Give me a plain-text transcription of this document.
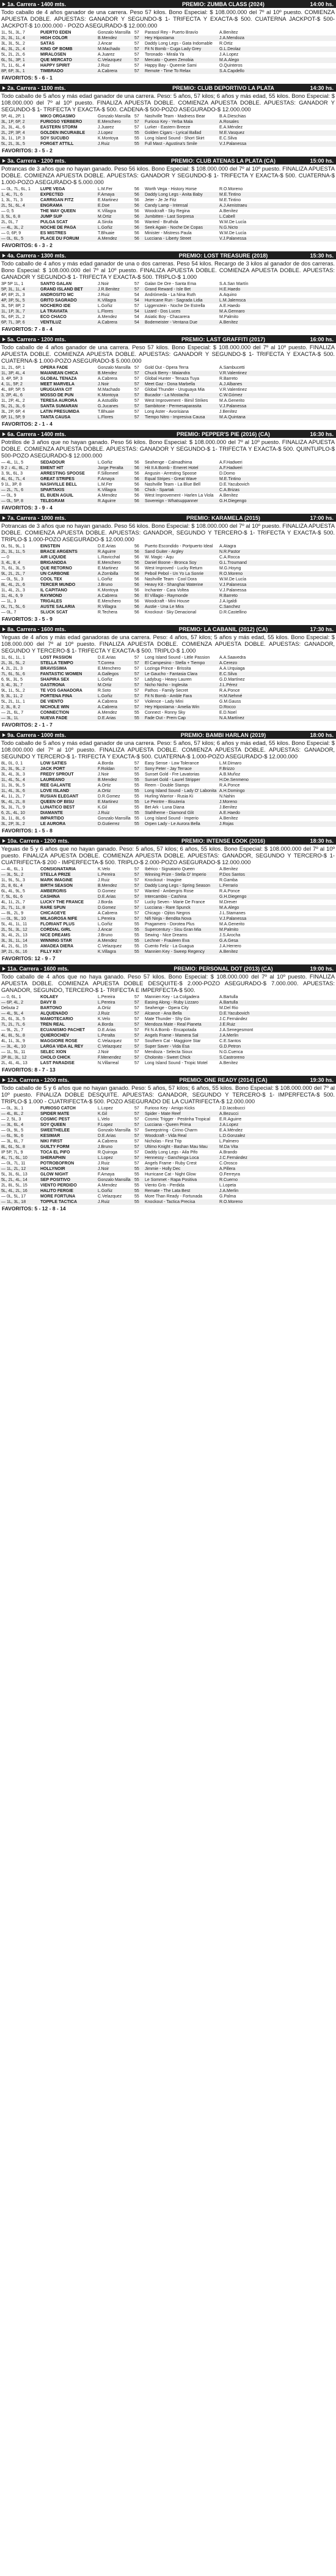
1a. Carrera - 1400 mts.	PREMIO: ZUMBA CLASS (2024)	14:00 hs.

Todo caballo de 4 años ganador de una carrera. Peso 57 kilos. Bono Especial: $ 108.000.000 del 7º al 10º puesto. COMIENZA APUESTA DOBLE. APUESTAS: GANADOR Y SEGUNDO-$ 1- TRIFECTA Y EXACTA-$ 500. CUATERNA JACKPOT-$ 500-JACKPOT-$ 10.000.000 - POZO ASEGURADO-$ 12.000.000

1L, 5L, 3L, 7	PUERTO EDEN	Gonzalo Mansilla 57	Parasol Rey - Puerto Bravío	A.Benítez
2L, 3L, 1L, 4	HIGH COLOR	B.Mendez	57	Hey Hipostama	J.A.Mendoza
3L, 3L, 5L, 2	SATÁS	J.Ancar	57	Daddy Long Legs - Gata Indomable	R.Ortiz
4L, 3L, 2L, 4	KING OF BOMB	M.Machado	57	Fit N Bomb - Cuga Lady Grey	G.L.Deolaz
5L, 2L, 2L, 6	MIRALOSEN	A.Juarez	57	Toronado - Mirala Ya	J.A.Lopez
6L, 5L, 3P, 1	QUE MERCATO	C.Velazquez	57	Mercato - Queen Zenobia	M.A.Alego
7L, 1L, 6L, 4	HAPPY SPIRIT	J.Ruiz	57	Happy Bay - Queenie Sami	O.Quinteros
8P, 6P, 3L, 1	TIMBRADO	A.Cabrera	57	Remote - Time To Relax	S.A.Capdello
FAVORITOS: 5 - 6 - 1
2a. Carrera - 1100 mts.	PREMIO: CLUB DEPORTIVO LA PLATA	14:30 hs.

Todo caballo de 5 años y más edad ganador de una carrera. Peso: 5 años, 57 kilos; 6 años y más edad, 55 kilos. Bono Especial: $ 108.000.000 del 7º al 10º puesto. FINALIZA APUESTA DOBLE. COMIENZA APUESTA DOBLE. APUESTAS: GANADOR Y SEGUNDO-$ 1- TRIFECTA Y EXACTA-$ 500. CADENA-$ 500-POZO ASEGURADO-$ 12.000.000

5P, 4L, 2P, 1	MIKO ORGASMO	Gonzalo Mansilla 57	Nashville Team - Madness Bear	B.A.Dieschias
3L, 1P, 6P, 2	FURIOSO YERBERO	E.Menchero	57	Furioso Key - Yerba Mala	A.Rosales
2L, 3L, 4L, 6	EASTERN STORM	J.Juarez	57	Lurker - Eastern Breeze	E.A.Méndez
2L, 2P, 3P, 4	GOLDEN INCURABLE	J.Lopez	55	Golden Cigars - Lyrical Ballad	M.E.Vasquez
3L, 1L, 1P, 3	SOY SUCUBO	K.Montoya	55	Long Island Sound - Short Skirt	E.C.Silva
5L, 2L, 3L, 5	FORGET ATTILL	J.Ruiz	55	Full Mast - Agustina's Smile	V.J.Palanessa
FAVORITOS: 3 - 5 - 2
3a. Carrera - 1200 mts.	PREMIO: CLUB ATENAS LA PLATA (CA)	15:00 hs.

Potrancas de 3 años que no hayan ganado. Peso 56 kilos. Bono Especial: $ 108.000.000 del 7º al 10º puesto. FINALIZA APUESTA DOBLE. COMIENZA APUESTA DOBLE. APUESTAS: GANADOR Y SEGUNDO-$ 1- TRIFECTA Y EXACTA-$ 500. CUATERNA-$ 1.000-POZO ASEGURADO-$ 5.000.000

— 0L, 7L, 6L, 1	LUPE VEGA	L.M.Fer	56	Worth Vega - History Horse	R.O.Moreno
1, 4L, 7L, 6	EXPECTED	F.Amaya	56	Daddy Long Legs - Anita Baby	M.E.Tintino
1, 3L, 7L, 3	CARRIGAN FITZ	E.Martinez	56	Jeter - Je Je Fitz	M.E.Tintino
2L, 5L, 6L, 4	ENGRAMA	E.Doe	56	Candy Lamp - Intensal	A.J.Aenistraeu
— 0, 5	THE WAY QUEEN	K.Villagra	56	Woodcraft - Sky Regina	A.Benítez
3, 5L, 6, 8	JUMP SUP	M.Ortiz	56	Jumbitten - Last Sorpresa	L.Cabell
2L, 0L, 7	PULGA SCAT	A.Sirola	56	Wanted - Bruthda	W.M.De Lucía
— 4L, 3L, 2	NOCHE DE PAGA	L.Goñiz	56	Seek Again - Noche De Copas	N.G.Nicto
— 0, 6P, 9	ES MISTRES	T.Bhuaie	56	Minister - Mistress Paula	W.M.De Lucía
— 0L, 6L, 5	PLACE DU FORUM	A.Mendez	56	Lucciana - Liberty Street	V.J.Palanessa
FAVORITOS: 6 - 3 - 2
4a. Carrera - 1300 mts.	PREMIO: LOST TREASURE (2018)	15:30 hs.

Todo caballo de 4 años y más edad ganador de una o dos carreras. Peso 54 kilos. Recargo de 3 kilos al ganador de dos carreras. Bono Especial: $ 108.000.000 del 7º al 10º puesto. FINALIZA APUESTA DOBLE. COMIENZA APUESTA DOBLE. APUESTAS: GANADOR Y SEGUNDO-$ 1- TRIFECTA Y EXACTA-$ 500. TRIPLO-$ 1.000

3P 5P 1L, 1	SANTO GALAN	J.Noir	57	Galan De Ore - Santa Ema	S.A.San Martín
5P, 3L, 1L, 4	GRAND ISLAND BET	J.R.Benitez	57	Grand Reward - Isle Bet	H.E.Haedo
4P, 8P, 2L, 3	ANDROSITO MC	J.Ruiz	54	Andrómeda - La Nina Ruth	A.Aquino
4P, 3P, 5L, 5	GRITO SAGRADO	K.Villagra	54	Hurricane Run - Sagrada Lidia	L.M.Jalemsca
3L, 5P, 8P, 2	NOCHERO IDE	L.Goñiz	57	Liggenstein - Noche De Estrella	A.E.Haedo
1L, 1P, 3L, 7	LA TRAVIATA	L.Flores	54	Lizard - Dos Luces	M.A.Gennaro
5L, 6P, 2L, 2	ECO CHACO	A.Mendez	54	Asiatic Boy - Chacarera	M.Palmito
6P, 7L, 3P, 6	VENTILUZ	A.Cabrera	54	Bodemeister - Ventana Due	A.Benítez
FAVORITOS: 7 - 8 - 4
5a. Carrera - 1200 mts.	PREMIO: LAST GRAFFITI (2017)	16:00 hs.

Todo caballo de 4 años ganador de una carrera. Peso 57 kilos. Bono Especial: $ 108.000.000 del 7º al 10º puesto. FINALIZA APUESTA DOBLE. COMIENZA APUESTA DOBLE. APUESTAS: GANADOR Y SEGUNDO-$ 1- TRIFECTA Y EXACTA-$ 500. CUATERNA-$ 1.000-POZO ASEGURADO-$ 5.000.000

1L, 2L, 6P, 1	OPERA FADE	Gonzalo Mansilla 57	Gold Out - Opera Terra	A.Sambucetti
1L, 3P, 4L, 4	MAIANEAN CHICA	B.Mendez	57	Chuck Berry - Maiandra	V.R.Valentinez
3, 4P, 5P, 3	GLOBAL TENAZA	A.Cabrera	57	Global Hunter - Tenaza Tuya	R.Barreto
4, 1L, 5P, 2	MEET MARVELA	J.Noir	57	Meet Gaz - Dona Marbella	A.J.Albanes
4L, 8P, 5P, 5	URUGUAYA CIT	M.Machado	57	Global Thunder - Uruguaya Mia	V.R.Valentinez
3, 2P, 4L, 6	MOSSO DE PUN	K.Montoya	57	Bucador - La Mostacha	C.W.Gómez
1L, 2P, 4L, 2	TERESA AURORA	A.Astudillo	57	West Improvement - Bimil Strikes	M.A.Generito
5L, 2L, 3L, 6	SANTA SUMARAN	G.Jucanes	57	Sambitone - Permesaparasita	V.J.Palanessa
3L, 2P, 6P, 4	LATIN PRESUMIDA	T.Bhuaie	57	Long Aster - Avorisiana	J.Benítez
6P, 1L, 5P, 9	TANTA CAUSA	L.Flores	57	Tiempo Nitro - Impresiva Causa	M.A.Quintana
FAVORITOS: 2 - 1 - 4
6a. Carrera - 1400 mts.	PREMIO: PEPPER'S PIE (2016) (CA)	16:30 hs.

Potrillos de 3 años que no hayan ganado. Peso 56 kilos. Bono Especial: $ 108.000.000 del 7º al 10º puesto. FINALIZA APUESTA DOBLE. COMIENZA APUESTA DOBLE. APUESTAS: GANADOR Y SEGUNDO-$ 1- TRIFECTA Y EXACTA-$ 500. QUINTUPLO-$ 500-POZO ASEGURADO-$ 12.000.000

— 4L, 1L, 5	SEDADOUR	L.Goñiz	56	Seahenge - Calmadhima	A.F.Hadweri
9 2 ↓ 4L, 8L, 2	EMENT HIT	Jorge Peralta	56	Hit It A Bomb - Emeret Hotel	A.F.Hadweri
3, 9L, 6L, 3	ARRESTING SPOOSE	F.Sillomeel	56	Angusin - Arresting Spoose	D.Domo
4L, 6L, 7L, 4	GREAT STRIPES	F.Amaya	56	Equal Stripes - Great Wave	M.E.Tintino
9 1L, 3P, 8	NASHVILLE BELL	L.M.Fer	56	Nashville Team - La Blue Bell	D.E.Yacubovich
— 2L, 7L, 6	SPARTAKIS	K.Villagra	56	Chick - Spartak	C.A.Brizas
— 0L, 9	EL BUEN AGUIL	A.Mendez	56	West Improvement - Harlen La Viola	A.Benítez
— 0L, 5P, 8	TELEGRAM	R.Aguirre	56	Sovereign - Whatsuppanner	G.H.Diegengo
FAVORITOS: 3 - 9 - 4
7a. Carrera - 1000 mts.	PREMIO: KARAMELA (2015)	17:00 hs.

Potrancas de 3 años que no hayan ganado. Peso 56 kilos. Bono Especial: $ 108.000.000 del 7º al 10º puesto. FINALIZA APUESTA DOBLE. COMIENZA APUESTA DOBLE. APUESTAS: GANADOR, SEGUNDO Y TERCERO-$ 1- TRIFECTA Y EXACTA-$ 500. TRIPLO-$ 1.000-POZO ASEGURADO-$ 12.000.000

0L, 5L, 9L, 1	EINSTEIN	D.E.Arias	56	Puerto Escondido - Portpuerto Ideal	A.Atagra
2L, 3L, 1L, 5	BRACE ARGENTS	R.Aguirre	56	Sand Guiter - Argley	N.R.Pastor
— 0	AIR LIQUIDE	L.Ravicchal	56	W. Magic - Aqu	C.A.Rocca
3, 4L, 8, 4	BRIGANDDA	E.Menchero	56	Daniel Boone - Bronca Soy	G.L.Troumand
7L, 6L, 3L, 5	QUE RETORNO	E.Martinez	56	West Improved - Lucky Return	M.G.Hoyng
9L, 2L, 2L, 7	UN CARBONE	A.Zornbilla	56	Peboil Pebol - Un Yo La Sonrie	R.O.Moreno
— 0L, 5L, 3	COOL TEX	L.Goñiz	56	Nashville Team - Cool Dora	W.M.De Lucía
8L, 4L, 2L, 6	TERCER MUNDO	J.Bruno	56	Heavy Kit - Shanghai Waterine	V.J.Palanessa
1L, 4L, 2L, 3	IL CAPITANO	K.Montoya	56	Inchanter - Cara Voltea	V.J.Palanessa
1L, 4L, 6, 9	RAYMOND	A.Cabrera	56	El Villagio - Raymonde	R.Barreto
— 1L, 3	TRIGALES	E.Menchero	56	Woodcraft - Mini House	J.A.Igaldi
0L, 7L, 5L, 6	AUSTE SALARIA	R.Villagra	56	Austie - Una Le Mira	C.Sanchez
— 0L, 7	SLUCK SCAT	R.Techera	56	Knockout - Sky Denacional	D.R.Castellino
FAVORITOS: 3 - 5 - 9
8a. Carrera - 1600 mts.	PREMIO: LA CABANIL (2012) (CA)	17:30 hs.

Yeguas de 4 años y más edad ganadoras de una carrera. Peso: 4 años, 57 kilos; 5 años y más edad, 55 kilos. Bono Especial: $ 108.000.000 del 7º al 10º puesto. FINALIZA APUESTA DOBLE. COMIENZA APUESTA DOBLE. APUESTAS: GANADOR, SEGUNDO Y TERCERO-$ 1- TRIFECTA Y EXACTA-$ 500. TRIPLO-$ 1.000

1L, 6L, 1L, 1	LOST PASSION	D.E.Arias	57	Long Island Sound - Little Passion	A.A.Saavedra
2L, 3L, 5L, 2	STELLA TEMPO	T.Correa	57	El Campesino - Stella + Tiempo	A.Cerezo
4, 2L, 2L, 3	BRAVISSIMA	E.Menchero	57	Lozinga Prince - Brissita	A.A.Urquiaga
7L, 6L, 5L, 6	FANTASTIC WOMEN	A.Gallegos	57	Le Gaucho - Fantasia Clara	E.C.Silva
6, 9L, 3L, 5	SHAPIRA SEX	L.Goñiz	57	Ladybug - Heavy Lauren	G.D.Martínez
3, 4L, 3L, 7	GASTRONA	M.Ortiz	57	Nicho Nicho - Inglesita	J.L.Pérez
9L, 1L, 5L, 2	TE VOS GANADORA	R.Soto	57	Pathos - Family Secret	R.A.Ponce
9, 3L, 1L, 2	PORTENA FINA	L.Goñiz	57	Fit N Bomb - Amble Fara	H.M.Nehmé
5L, 2L, 1L, 1	DE VIENTO	A.Cabrera	57	Violence - Lady Mini	G.M.Gauss
2, 3L, 8, 2	NICHOLE WIN	A.Cabrera	57	Hey Hipostama - Amelia Win	D.Rocco
— 2L, 6L, 7	CONNECTION	A.Mendez	55	Connect - Ronny Sky	E.D.Noel
— 3L, 1L	NUEVA FADE	D.E.Arias	55	Fade Out - Prem Cap	N.A.Martínez
FAVORITOS: 2 - 1 - 7
9a. Carrera - 1000 mts.	PREMIO: BAMBI HARLAN (2019)	18:00 hs.

Todo caballo de 5 años y más edad ganador de una carrera. Peso: 5 años, 57 kilos; 6 años y más edad, 55 kilos. Bono Especial: $ 108.000.000 del 7º al 10º puesto. FINALIZA APUESTA DOBLE. COMIENZA APUESTA DOBLE. APUESTAS: GANADOR, SEGUNDO Y TERCERO-$ 1- TRIFECTA Y EXACTA-$ 500. CUATERNA-$ 1.000-POZO ASEGURADO-$ 12.000.000

8L, 0L, 0, 1	LOW SATIES	A.Borda	57	Easy Sense - Low Tolerance	L.M.Dimaro
2L, 3L, 9L, 2	JACK PORT	F.Roldan	57	Sony Peter - Jay Terrace	F.Brizzo
3L, 4L, 3L, 3	FREDY SPROUT	J.Noir	55	Sunset Gold - Fre Lavatorias	A.B.Muñoz
1L, 4L, 5L, 4	LAUREANO	B.Mendez	55	Sunset Gold - Laurel Stripper	H.De.Senmeno
1L, 3L, 9L, 5	REE GALANTE	A.Ortiz	55	Reem - Double Stamps	R.A.Ponce
1L, 4L, 3L, 6	LOVE ISLAND	A.Ortiz	55	Long Island Sound - Lady O' Labonita A.H.Domingo
4L, 1L, 2L, 7	RUSIAN ELEGANT	D.R.Gomez	55	Hurling Warrior - Rusia Ki	N.Nahin
9L, 4L, 2L, 8	QUEEN OF BISU	E.Martinez	55	Le Peintre - Bisuteria	J.Moreno
5L, 3L, 7L, 9	LUNATICO BEST	K.Gil	55	Bet Ark - Luna Diana	J.Benítez
6, 2L, 4L, 10	DIAMANTE	J.Ruiz	55	Stahlheme - Diamond Glit	A.E.Haedo
3L, 1L, 8L, 6	IMPARTIDO	Gonzalo Mansilla 55	Long Island Sound - Imperio	A.Benítez
3L, 2P, 3L, 2	LE AURORA	D.Gutierrez	55	Orpen Lady - Le Aurora Bella	J.Rojas
FAVORITOS: 1 - 5 - 8
10a. Carrera - 1200 mts.	PREMIO: INTENSE LOOK (2016)	18:30 hs.

Yeguas de 5 y 6 años que no hayan ganado. Peso: 5 años, 57 kilos; 6 años, 55 kilos. Bono Especial: $ 108.000.000 del 7º al 10º puesto. FINALIZA APUESTA DOBLE. COMIENZA APUESTA DOBLE. APUESTAS: GANADOR, SEGUNDO Y TERCERO-$ 1- CUATRIFECTA-$ 200 - IMPERFECTA-$ 500. TRIPLO-$ 2.000-POZO ASEGURADO-$ 12.000.000

— 4L, 6L, 1	CONSIGNATARIA	K.Velo	57	Ibérico - Signatario Queen	A.Benítez
— 3L, 5L, 2	STELLA PRIZE	L.Pereira	57	Winning Prize - Stella D' Imperio	P.Dos Santos
1L, 9L, 5L, 3	MARK IMAGINE	J.Ruiz	57	Knockout - Imagine	R.Gamba
2L, 8, 6L, 4	BIRTH SEASON	B.Mendez	57	Daddy Long Legs - Spring Season	L.Ferrario
6L, 4L, 9L, 5	AMBERGRIS	D.Gomez	57	Wanted - Ambergris Rose	R.A.Ponce
7, 5L, 6L, 6	CASHINA	D.E.Arias	57	Intercambio - Cashina	G.H.Diegengo
4L, 1L, 2L, 7	LUCKY THE FRANCE	J.Borda	57	Lucky Seven - Marie De France	M.Drever
2L, 7L, 1L, 8	RARE SPUN	D.Gomez	57	Lucciana - Rare Spunck	M.A.Alego
— 8L, 2L, 9	CHICAGEYE	A.Cabrera	57	Chicago - Ojitos Negros	J.L.Stamanes
— 0L, 9L, 10	MILAGROSA NIFE	L.Pereira	57	Nifi Ninja - Bendita Nova	V.J.Palanessa
5L, 4L, 1L, 11	FLORIANT PLUS	L.Goñiz	55	Pragamero - Dorotea Plus	M.A.Generito
2L, 5L, 3L, 12	CORDIAL GIRL	J.Ancar	55	Supercentury - Sisu Gran Mia	M.Palmito
3L, 4L, 2L, 13	NICE DREAMS	J.Bruno	55	Sewing - Nice Dreams	J.S.Arocha
3L, 3L, 1L, 14	WINNING STAR	A.Mendez	55	Lechner - Frauleen Eva	G.A.Gesa
4L, 2L, 6L, 15	AMADEA DIERA	C.Velazquez	55	Cuento Feliz - La Guagua	J.A.Herrero
3P, 2L, 6L, 16	FILLY KEY	K.Villagra	55	Mannien Key - Sweep Regency	A.Benítez
FAVORITOS: 12 - 9 - 7
11a. Carrera - 1600 mts.	PREMIO: PERSONAL DOT (2013) (CA)	19:00 hs.

Todo caballo de 4 años que no haya ganado. Peso 57 kilos. Bono Especial: $ 108.000.000 del 7º al 10º puesto. FINALIZA APUESTA DOBLE. COMIENZA APUESTA DOBLE DESQUITE-$ 2.000-POZO ASEGURADO-$ 7.000.000. APUESTAS: GANADOR, SEGUNDO, TERCERO-$ 1- TRIFECTA E IMPERFECTA-$ 500.

— 0, 6L, 1	KOLAEY	L.Pereira	57	Mannien Key - La Colgadera	A.Bartulla
— 6P, 4L, 2	DAVY B	L.Pereira	57	Easing Along - Ruby Lizzaro	A.Bartulla
Debuta 2	BARTONO	A.Ortiz	57	Seahenge - Opera City	M.Del Rio
— 4L, 9L, 4	ALQUENADO	J.Ruiz	57	Alcance - Ana Bella	D.E.Yacubovich
2L, 6L, 3L, 5	MAMOTECARIO	K.Velo	57	Mate Thunder - Shy Gin	J.C.Fernández
7L, 2L, 7L, 6	TREN REAL	A.Borda	57	Mendoza Mate - Real Pianeta	J.E.Ruiz
— 9L, 2L, 7	ECUANISMO PACHET	D.E.Arias	57	Fit N A Bomb - Encapotada	J.A.Senegesmont
4L, 8L, 5L, 8	QUIEROCHEV	L.Peralta	57	Angels Frame - Mamera Sal	J.A.Merlin
4L, 1L, 3L, 9	MAGGIORE ROSE	C.Velazquez	57	Southern Cat - Maggiore Star	C.E.Santos
— 3L, 4L, 10	LARGA VIDA AL REY	C.Velazquez	57	Super Saver - Vida Esa	G.D.Petron
— 1L, 5L, 11	SELEC XION	J.Noir	57	Mendoza - Selecta Sioux	N.G.Cuenca
2P 8L, 3L, 12	CHOLO CHICK	F.Menendez	57	Cholonito - Sweet Chick	S.Castroreno
2L, 4L, 4L, 13	LAST PARADISE	N.Villarreal	57	Long Island Sound - Tropic Motel	A.Benítez
FAVORITOS: 8 - 7 - 13
12a. Carrera - 1200 mts.	PREMIO: ONE READY (2014) (CA)	19:30 hs.

Todo caballo de 5 y 6 años que no hayan ganado. Peso: 5 años, 57 kilos; 6 años, 55 kilos. Bono Especial: $ 108.000.000 del 7º al 10º puesto. FINALIZA DOBLE DESQUITE. APUESTAS: GANADOR, SEGUNDO Y TERCERO-$ 1- IMPERFECTA-$ 500. TRIPLO-$ 1.000 - CUATRIFECTA-$ 500. POZO ASEGURADO DE LA CUATRIFECTA-$ 12.000.000

— 0L, 3L, 1	FURIOSO CATCH	L.Lopez	57	Furioso Key - Amigo Kicks	J.D.Iacobucci
— 4L, 8L, 2	SPIDER MATE	K.Gil	57	Spider - Mate Reef	A.Bezucci
— 2, 5L, 3	COSMIC PEST	L.Velo	57	Cosmic Trigger - Pestinha Tropical	E.R.Aguirre
— 3L, 6L, 4	SOY QUEEN	F.Lopez	57	Lucciana - Queen Prima	J.A.Lopez
— 0L, 9L, 5	SWEETHELEE	Gonzalo Mansilla 57	Sweepstring - Cirino Charm	E.A.Méndez
— 6L, 9L, 6	KESIMAR	D.E.Arias	57	Woodcraft - Vida Real	L.D.Gonzalez
— 3L, 6L, 7	NIKI FIRST	A.Cabrera	57	Nicholas - First Trip	L.Palmero
8L, 6L, 5L, 8	GUILTY FORM	J.Bruno	57	Ultimo Knight - Bashan Mau Mau	M.Da Vita
IP 5P, 7L, 9	TOCA EL PIFO	R.Quiroga	57	Daddy Long Legs - Aila Pifo	A.Brando
4L, 7L, 6L, 10	SHERAPHIN	L.Lopez	57	Hennessy - Ganchinga Loca	J.C.Fernández
— 0L, 7L, 11	POTROBOFRON	J.Ruiz	57	Angels Frame - Ruby Crest	C.Orosco
— 1L, 2L, 12	HOLLYNOIR	J.Noir	55	Jimmie - Holly Dec	A.Pillera
5L, 3L, 6L, 13	GLOW NIGHT	F.Amaya	55	Hurricane Cat - Night Glow	O.Ferreyra
5L, 2L, 4L, 14	SEP POSITIVO	Gonzalo Mansilla 55	Le Sommet - Rapa Positiva	R.Cuerno
2L, 8L, 5L, 15	VIENTO PERDIDO	A.Mendez	55	Viento Gris - Perdida	L.Lopeta
5L, 4L, 2L, 16	HALITO FERGIE	L.Goñiz	55	Remate - The Lata Best	J.A.Merlin
— 0L, 5L, 17	MORE FORTUNA	C.Velazquez	55	More Than Ready - Fortunada	G.Palma
— 1L, 3L, 18	TOPPLE TACTICA	J.Ruiz	55	Knockout - Tactica Precisa	R.O.Moreno
FAVORITOS: 5 - 12 - 8 - 14
